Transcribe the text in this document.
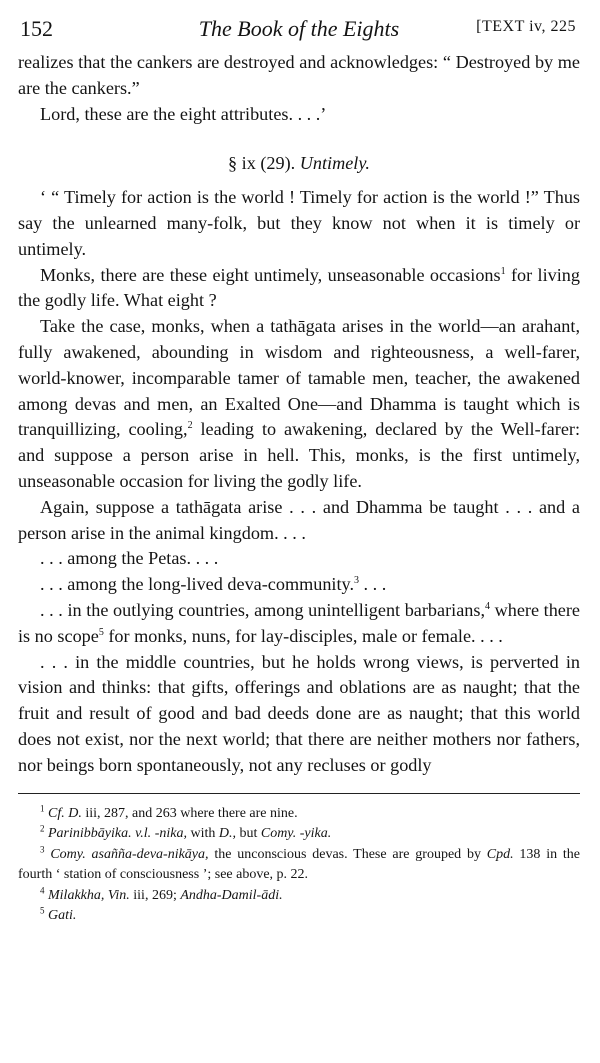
152	The Book of the Eights	[TEXT iv, 225

realizes that the cankers are destroyed and acknowledges: “ Destroyed by me are the cankers.”

Lord, these are the eight attributes. . . .’

§ ix (29). Untimely.

‘ “ Timely for action is the world ! Timely for action is the world !” Thus say the unlearned many-folk, but they know not when it is timely or untimely.

Monks, there are these eight untimely, unseasonable occasions$^1$ for living the godly life. What eight ?

Take the case, monks, when a tathāgata arises in the world—an arahant, fully awakened, abounding in wisdom and righteousness, a well-farer, world-knower, incomparable tamer of tamable men, teacher, the awakened among devas and men, an Exalted One—and Dhamma is taught which is tranquillizing, cooling,$^2$ leading to awakening, declared by the Well-farer: and suppose a person arise in hell. This, monks, is the first untimely, unseasonable occasion for living the godly life.

Again, suppose a tathāgata arise . . . and Dhamma be taught . . . and a person arise in the animal kingdom. . . .

. . . among the Petas. . . .

. . . among the long-lived deva-community.$^3$ . . .

. . . in the outlying countries, among unintelligent barbarians,$^4$ where there is no scope$^5$ for monks, nuns, for lay-disciples, male or female. . . .

. . . in the middle countries, but he holds wrong views, is perverted in vision and thinks: that gifts, offerings and oblations are as naught; that the fruit and result of good and bad deeds done are as naught; that this world does not exist, nor the next world; that there are neither mothers nor fathers, nor beings born spontaneously, not any recluses or godly

$^1$ Cf. D. iii, 287, and 263 where there are nine.

$^2$ Parinibbāyika. v.l. -nika, with D., but Comy. -yika.

$^3$ Comy. asañña-deva-nikāya, the unconscious devas. These are grouped by Cpd. 138 in the fourth ‘ station of consciousness ’; see above, p. 22.

$^4$ Milakkha, Vin. iii, 269; Andha-Damil-ādi.

$^5$ Gati.
